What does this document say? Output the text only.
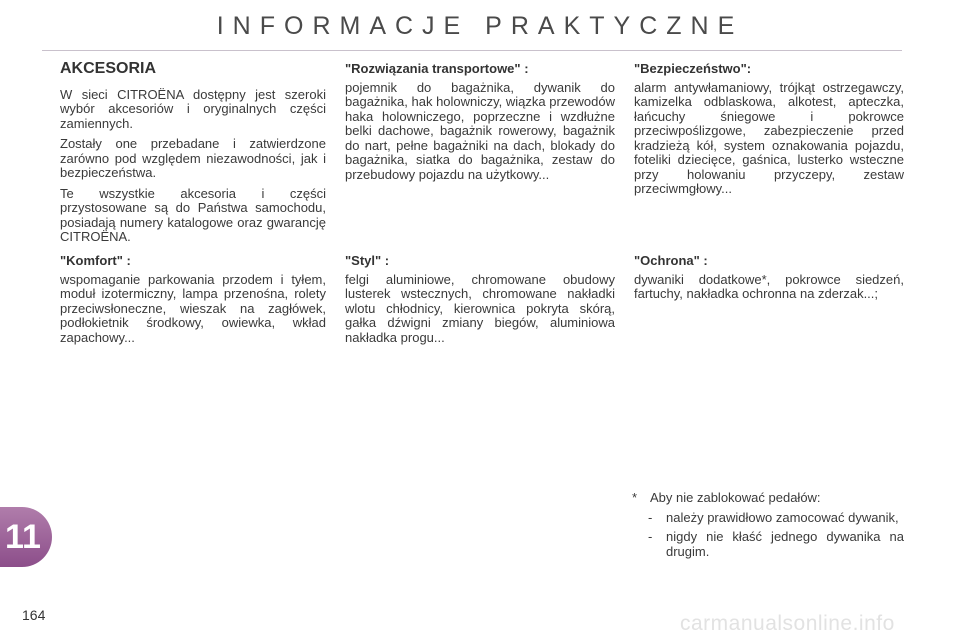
INFORMACJE PRAKTYCZNE
AKCESORIA

W sieci CITROËNA dostępny jest szeroki wybór akcesoriów i oryginalnych części zamiennych.

Zostały one przebadane i zatwierdzone zarówno pod względem niezawodności, jak i bezpieczeństwa.

Te wszystkie akcesoria i części przystosowane są do Państwa samochodu, posiadają numery katalogowe oraz gwarancję CITROËNA.

"Rozwiązania transportowe" :

pojemnik do bagażnika, dywanik do bagażnika, hak holowniczy, wiązka przewodów haka holowniczego, poprzeczne i wzdłużne belki dachowe, bagażnik rowerowy, bagażnik do nart, pełne bagażniki na dach, blokady do bagażnika, siatka do bagażnika, zestaw do przebudowy pojazdu na użytkowy...

"Bezpieczeństwo":

alarm antywłamaniowy, trójkąt ostrzegawczy, kamizelka odblaskowa, alkotest, apteczka, łańcuchy śniegowe i pokrowce przeciwpoślizgowe, zabezpieczenie przed kradzieżą kół, system oznakowania pojazdu, foteliki dziecięce, gaśnica, lusterko wsteczne przy holowaniu przyczepy, zestaw przeciwmgłowy...

"Komfort" :

wspomaganie parkowania przodem i tyłem, moduł izotermiczny, lampa przenośna, rolety przeciwsłoneczne, wieszak na zagłówek, podłokietnik środkowy, owiewka, wkład zapachowy...

"Styl" :

felgi aluminiowe, chromowane obudowy lusterek wstecznych, chromowane nakładki wlotu chłodnicy, kierownica pokryta skórą, gałka dźwigni zmiany biegów, aluminiowa nakładka progu...

"Ochrona" :

dywaniki dodatkowe*, pokrowce siedzeń, fartuchy, nakładka ochronna na zderzak...;

* Aby nie zablokować pedałów:
-	należy prawidłowo zamocować dywanik,
-	nigdy nie kłaść jednego dywanika na drugim.
11
164	carmanualsonline.info
